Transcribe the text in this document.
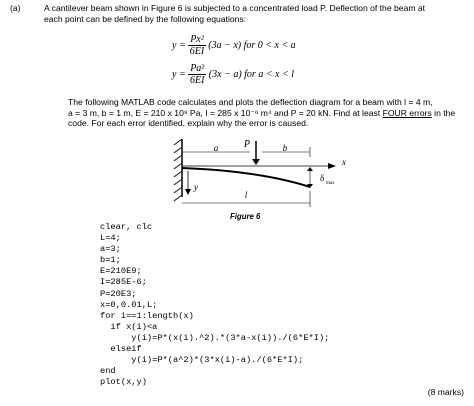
(a)	A cantilever beam shown in Figure 6 is subjected to a concentrated load P. Deflection of the beam at
each point can be defined by the following equations:
$y = \frac{\text{Px²}}{6EI} (3a - x)$ for 0 < x < a
$y = \frac{\text{Pa²}}{6EI} (3x - a)$ for a < x < l
The following MATLAB code calculates and plots the deflection diagram for a beam with l = 4 m,
a = 3 m, b = 1 m, E = 210 x 10⁹ Pa, I = 285 x 10⁻⁶ m⁴ and P = 20 kN. Find at least FOUR errors in the
code. For each error identified, explain why the error is caused.
a	b
P
x
δ
max
y
l
Figure 6
clear, clc
L=4;
a=3;
b=1;
E=210E9;
I=285E-6;
P=20E3;
x=0,0.01,L;
for i==1:length(x)
if x(i)<a
y(i)=P*(x(i).^2).*(3*a-x(i))./(6*E*I);
elseif
y(i)=P*(a^2)*(3*x(i)-a)./(6*E*I);
end
plot(x,y)
(8 marks)
